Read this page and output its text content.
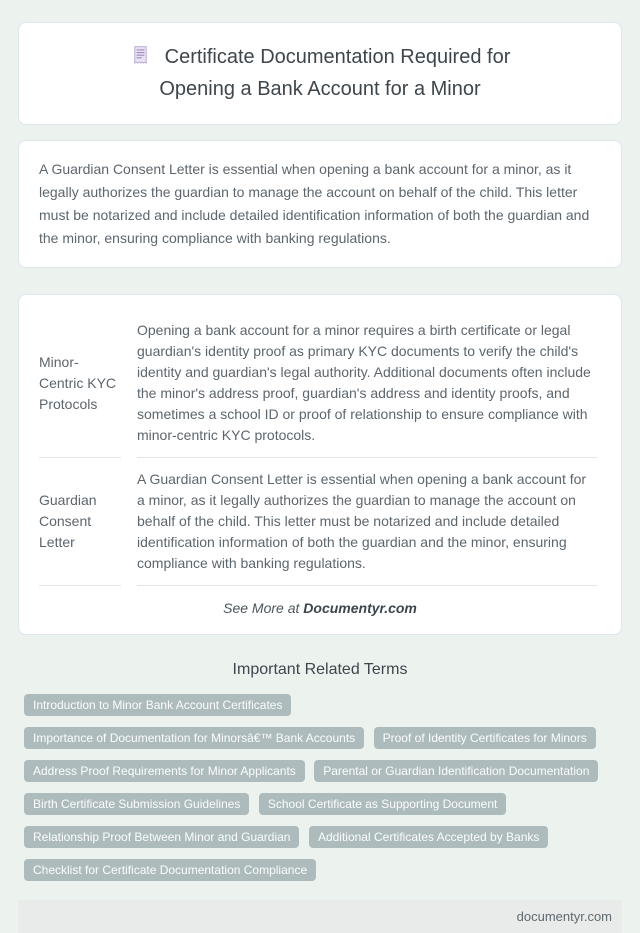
Certificate Documentation Required for Opening a Bank Account for a Minor

A Guardian Consent Letter is essential when opening a bank account for a minor, as it legally authorizes the guardian to manage the account on behalf of the child. This letter must be notarized and include detailed identification information of both the guardian and the minor, ensuring compliance with banking regulations.

Minor-Centric KYC Protocols
Opening a bank account for a minor requires a birth certificate or legal guardian's identity proof as primary KYC documents to verify the child's identity and guardian's legal authority. Additional documents often include the minor's address proof, guardian's address and identity proofs, and sometimes a school ID or proof of relationship to ensure compliance with minor-centric KYC protocols.
Guardian Consent Letter
A Guardian Consent Letter is essential when opening a bank account for a minor, as it legally authorizes the guardian to manage the account on behalf of the child. This letter must be notarized and include detailed identification information of both the guardian and the minor, ensuring compliance with banking regulations.

See More at Documentyr.com

Important Related Terms
Introduction to Minor Bank Account Certificates Importance of Documentation for Minorsâ€™ Bank Accounts Proof of Identity Certificates for Minors Address Proof Requirements for Minor Applicants Parental or Guardian Identification Documentation Birth Certificate Submission Guidelines School Certificate as Supporting Document Relationship Proof Between Minor and Guardian Additional Certificates Accepted by Banks Checklist for Certificate Documentation Compliance
documentyr.com
